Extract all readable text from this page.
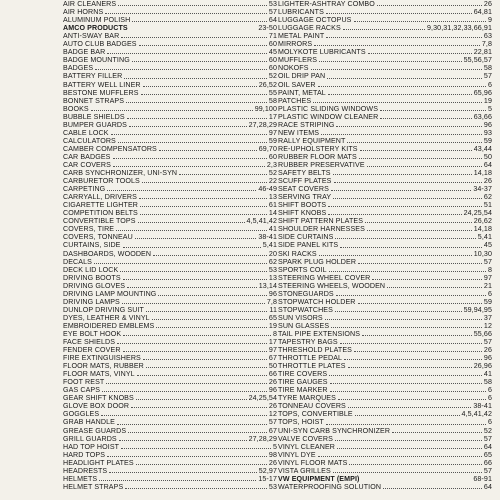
AIR CLEANERS	53
AIR HORNS	57
ALUMINUM POLISH	64
AMCO PRODUCTS	23-50
ANTI-SWAY BAR	71
AUTO CLUB BADGES	60
BADGE BAR	45
BADGE MOUNTING	60
BADGES	60
BATTERY FILLER	52
BATTERY WELL LINER	26,52
BESTONE MUFFLERS	55
BONNET STRAPS	58
BOOKS	99,100
BUBBLE SHIELDS	17
BUMPER GUARDS	27,28,29
CABLE LOCK	97
CALCULATORS	59
CAMBER COMPENSATORS	69,70
CAR BADGES	60
CAR COVERS	2,3
CARB SYNCHRONIZER, UNI-SYN	52
CARBURETOR TOOLS	22
CARPETING	46-49
CARRYALL, DRIVERS	13
CIGARETTE LIGHTER	61
COMPETITION BELTS	14
CONVERTIBLE TOPS	4,5,41,42
COVERS, TIRE	41
COVERS, TONNEAU	38-41
CURTAINS, SIDE	5,41
DASHBOARDS, WOODEN	20
DECALS	62
DECK LID LOCK	53
DRIVING BOOTS	13
DRIVING GLOVES	13,14
DRIVING LAMP MOUNTING	96
DRIVING LAMPS	7,8
DUNLOP DRIVING SUIT	11
DYES, LEATHER & VINYL	65
EMBROIDERED EMBLEMS	19
EYE BOLT HOOK	8
FACE SHIELDS	17
FENDER COVER	97
FIRE EXTINGUISHERS	67
FLOOR MATS, RUBBER	50
FLOOR MATS, VINYL	66
FOOT REST	26
GAS CAPS	96
GEAR SHIFT KNOBS	24,25,54
GLOVE BOX DOOR	26
GOGGLES	12
GRAB HANDLE	57
GREASE GUARDS	67
GRILL GUARDS	27,28,29
HAD TOP HOIST	5
HARD TOPS	98
HEADLIGHT PLATES	26
HEADRESTS	52,97
HELMETS	15-17
HELMET STRAPS	53
LIGHTER-ASHTRAY COMBO	26
LUBRICANTS	64,81
LUGGAGE OCTOPUS	9
LUGGAGE RACKS	9,30,31,32,33,66,91
METAL PAINT	63
MIRRORS	7,8
MOLYKOTE LUBRICANTS	22,81
MUFFLERS	55,56,57
NOKOFS	58
OIL DRIP PAN	57
OIL SAVER	6
PAINT, METAL	65,96
PATCHES	19
PLASTIC SLIDING WINDOWS	5
PLASTIC WINDOW CLEANER	63,66
RACE STRIPING	96
NEW ITEMS	93
RALLY EQUIPMENT	59
RE-UPHOLSTERY KITS	43,44
RUBBER FLOOR MATS	50
RUBBER PRESERVATIVE	64
SAFETY BELTS	14,18
SCUFF PLATES	26
SEAT COVERS	34-37
SERVING TRAY	62
SHIFT BOOTS	51
SHIFT KNOBS	24,25,54
SHIFT PATTERN PLATES	26,62
SHOULDER HARNESSES	14,18
SIDE CURTAINS	5,41
SIDE PANEL KITS	45
SKI RACKS	10,30
SPARK PLUG HOLDER	57
SPORTS COIL	8
STEERING WHEEL COVER	97
STEERING WHEELS, WOODEN	21
STONEGUARDS	6
STOPWATCH HOLDER	59
STOPWATCHES	59,94,95
SUN VISORS	37
SUN GLASSES	12
TAIL PIPE EXTENSIONS	55,66
TAPESTRY BAGS	57
THRESHOLD PLATES	26
THROTTLE PEDAL	96
THROTTLE PLATES	26,96
TIRE COVERS	41
TIRE GAUGES	58
TIRE MARKER	6
TYRE MARQUES	6
TONNEAU COVERS	38-41
TOPS, CONVERTIBLE	4,5,41,42
TOPS, HOIST	6
UNI-SYN CARB SYNCHRONIZER	52
VALVE COVERS	57
VINYL CLEANER	64
VINYL DYE	65
VINYL FLOOR MATS	66
VISTA GRILLES	57
VW EQUIPMENT (EMPI)	68-91
WATERPROOFING SOLUTION	64
